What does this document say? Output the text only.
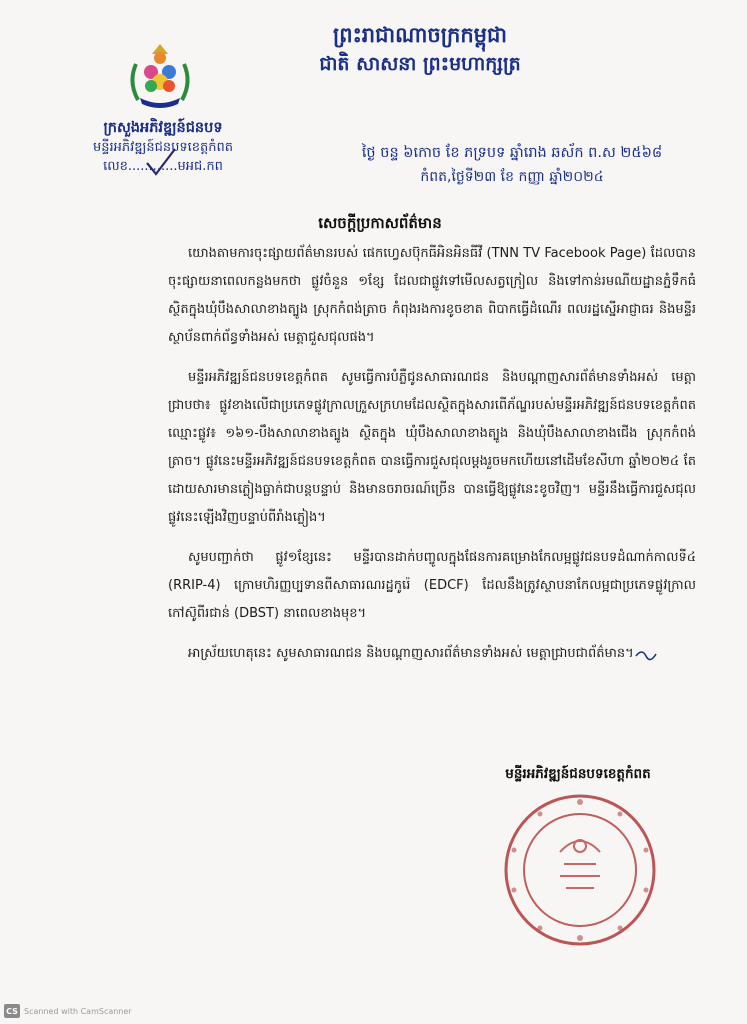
ព្រះរាជាណាចក្រកម្ពុជា
ជាតិ សាសនា ព្រះមហាក្សត្រ
ក្រសួងអភិវឌ្ឍន៍ជនបទ
មន្ទីរអភិវឌ្ឍន៍ជនបទខេត្តកំពត
លេខ............មអជ.កព
ថ្ងៃ ចន្ទ ៦កោច ខែ ភទ្របទ ឆ្នាំរោង ឆស័ក ព.ស ២៥៦៨
កំពត,ថ្ងៃទី២៣ ខែ កញ្ញា ឆ្នាំ២០២៤
សេចក្តីប្រកាសព័ត៌មាន

យោងតាមការចុះផ្សាយព័ត៌មានរបស់ ផេកហ្វេសប៊ុកធីអិនអិនធីវី (TNN TV Facebook Page) ដែលបានចុះផ្សាយនាពេលកន្លងមកថា ផ្លូវចំនួន ១ខ្សែ ដែលជាផ្លូវទៅមើលសត្វក្រៀល និងទៅកាន់រមណីយដ្ឋានភ្នំទឹកធំ ស្ថិតក្នុងឃុំបឹងសាលាខាងត្បូង ស្រុកកំពង់ត្រាច កំពុងរងការខូចខាត ពិបាកធ្វើដំណើរ ពលរដ្ឋស្នើអាជ្ញាធរ និងមន្ទីរ ស្ថាប័នពាក់ព័ន្ធទាំងអស់ មេត្តាជួសជុលផង។

មន្ទីរអភិវឌ្ឍន៍ជនបទខេត្តកំពត សូមធ្វើការបំភ្លឺជូនសាធារណជន និងបណ្តាញសារព័ត៌មានទាំងអស់ មេត្តាជ្រាបថា៖ ផ្លូវខាងលើជាប្រភេទផ្លូវក្រាលក្រួសក្រហមដែលស្ថិតក្នុងសារពើភ័ណ្ឌរបស់មន្ទីរអភិវឌ្ឍន៍ជនបទខេត្តកំពត ឈ្មោះផ្លូវ៖ ១៦១-បឹងសាលាខាងត្បូង ស្ថិតក្នុង ឃុំបឹងសាលាខាងត្បូង និងឃុំបឹងសាលាខាងជើង ស្រុកកំពង់ត្រាច។ ផ្លូវនេះមន្ទីរអភិវឌ្ឍន៍ជនបទខេត្តកំពត បានធ្វើការជួសជុលម្តងរួចមកហើយនៅដើមខែសីហា ឆ្នាំ២០២៤ តែដោយសារមានភ្លៀងធ្លាក់ជាបន្តបន្ទាប់ និងមានចរាចរណ៍ច្រើន បានធ្វើឱ្យផ្លូវនេះខូចវិញ។ មន្ទីរនឹងធ្វើការជួសជុលផ្លូវនេះឡើងវិញបន្ទាប់ពីរាំងភ្លៀង។

សូមបញ្ជាក់ថា ផ្លូវ១ខ្សែនេះ មន្ទីរបានដាក់បញ្ចូលក្នុងផែនការគម្រោងកែលម្អផ្លូវជនបទដំណាក់កាលទី៤ (RRIP-4) ក្រោមហិរញ្ញប្បទានពីសាធារណរដ្ឋកូរ៉េ (EDCF) ដែលនឹងត្រូវស្ថាបនាកែលម្អជាប្រភេទផ្លូវក្រាលកៅស៊ូពីរជាន់ (DBST) នាពេលខាងមុខ។

អាស្រ័យហេតុនេះ សូមសាធារណជន និងបណ្តាញសារព័ត៌មានទាំងអស់ មេត្តាជ្រាបជាព័ត៌មាន។

មន្ទីរអភិវឌ្ឍន៍ជនបទខេត្តកំពត
CS Scanned with CamScanner
